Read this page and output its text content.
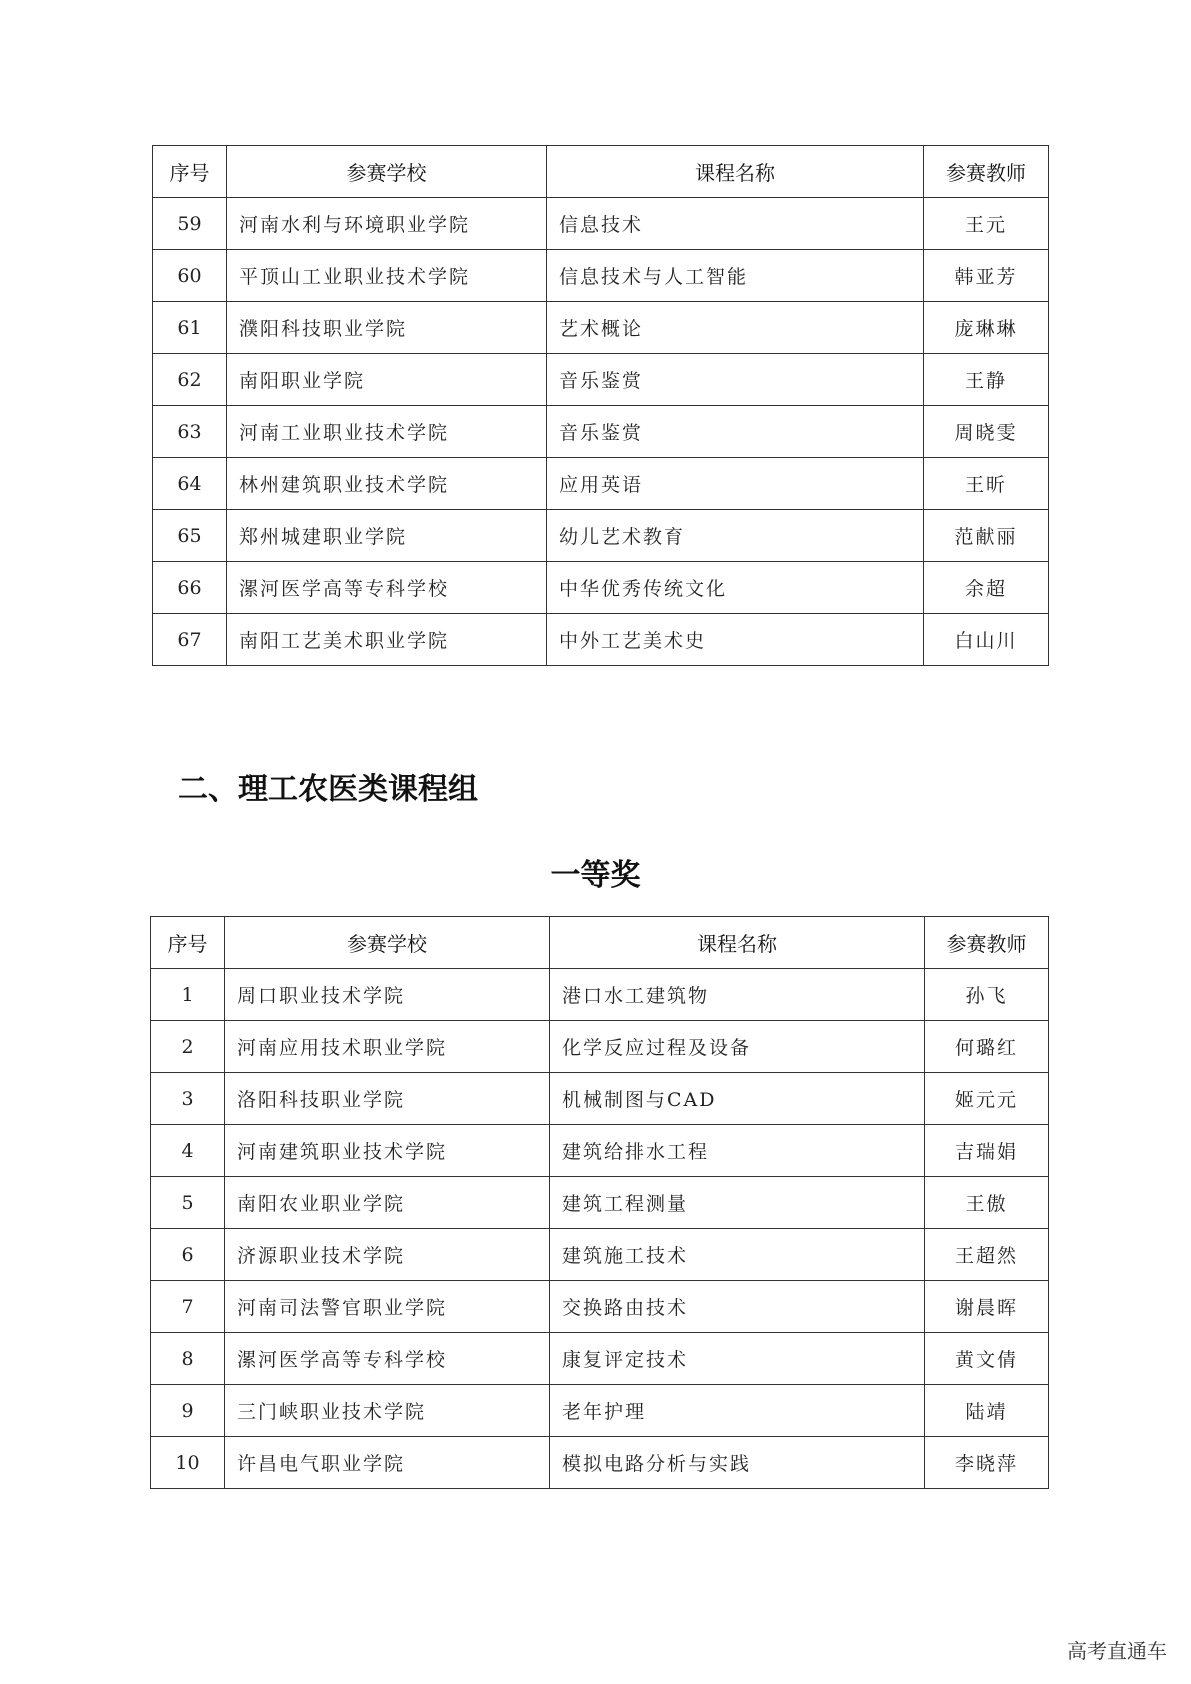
序号	参赛学校	课程名称	参赛教师
59	河南水利与环境职业学院	信息技术	王元
60	平顶山工业职业技术学院	信息技术与人工智能	韩亚芳
61	濮阳科技职业学院	艺术概论	庞琳琳
62	南阳职业学院	音乐鉴赏	王静
63	河南工业职业技术学院	音乐鉴赏	周晓雯
64	林州建筑职业技术学院	应用英语	王昕
65	郑州城建职业学院	幼儿艺术教育	范献丽
66	漯河医学高等专科学校	中华优秀传统文化	余超
67	南阳工艺美术职业学院	中外工艺美术史	白山川
二、理工农医类课程组
一等奖
序号	参赛学校	课程名称	参赛教师
1	周口职业技术学院	港口水工建筑物	孙飞
2	河南应用技术职业学院	化学反应过程及设备	何璐红
3	洛阳科技职业学院	机械制图与CAD	姬元元
4	河南建筑职业技术学院	建筑给排水工程	吉瑞娟
5	南阳农业职业学院	建筑工程测量	王傲
6	济源职业技术学院	建筑施工技术	王超然
7	河南司法警官职业学院	交换路由技术	谢晨晖
8	漯河医学高等专科学校	康复评定技术	黄文倩
9	三门峡职业技术学院	老年护理	陆靖
10	许昌电气职业学院	模拟电路分析与实践	李晓萍
高考直通车
